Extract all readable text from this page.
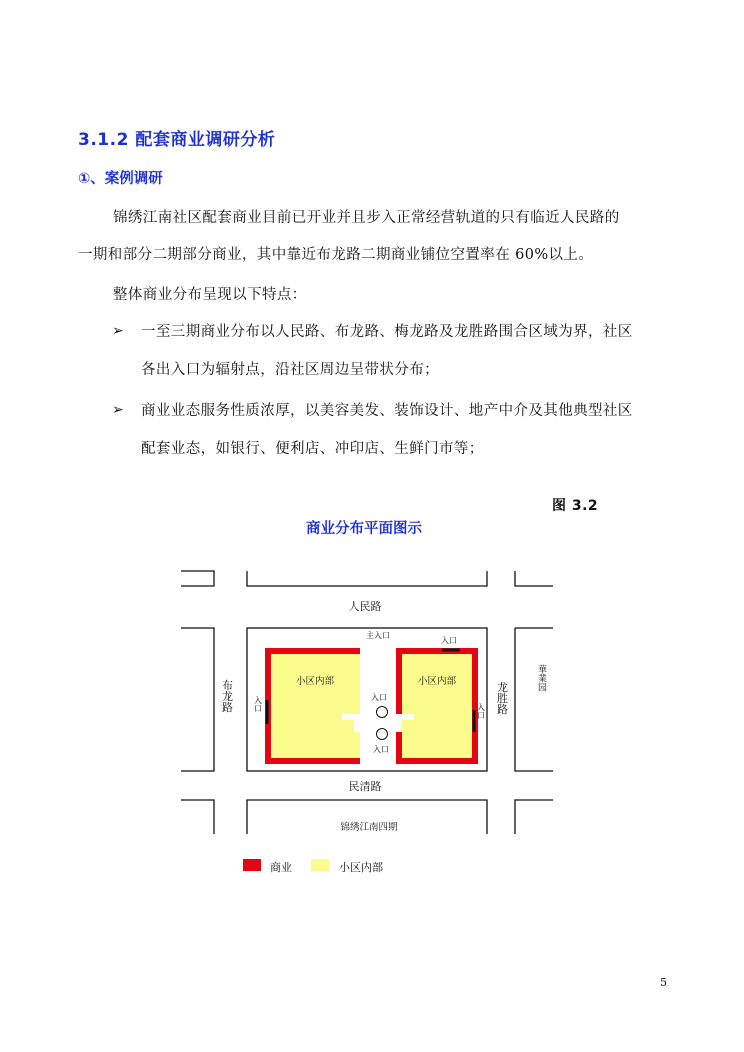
3.1.2 配套商业调研分析
①、案例调研
锦绣江南社区配套商业目前已开业并且步入正常经营轨道的只有临近人民路的
一期和部分二期部分商业，其中靠近布龙路二期商业铺位空置率在 60%以上。
整体商业分布呈现以下特点：
➢ 一至三期商业分布以人民路、布龙路、梅龙路及龙胜路围合区域为界，社区
各出入口为辐射点，沿社区周边呈带状分布；
➢ 商业业态服务性质浓厚，以美容美发、装饰设计、地产中介及其他典型社区
配套业态，如银行、便利店、冲印店、生鲜门市等；
图 3.2
商业分布平面图示
人民路
民清路
锦绣江南四期
主入口
入口
入口
入口
小区内部	小区内部
布龙路	龙胜路
入口	入口
華業园
商业	小区内部
5
